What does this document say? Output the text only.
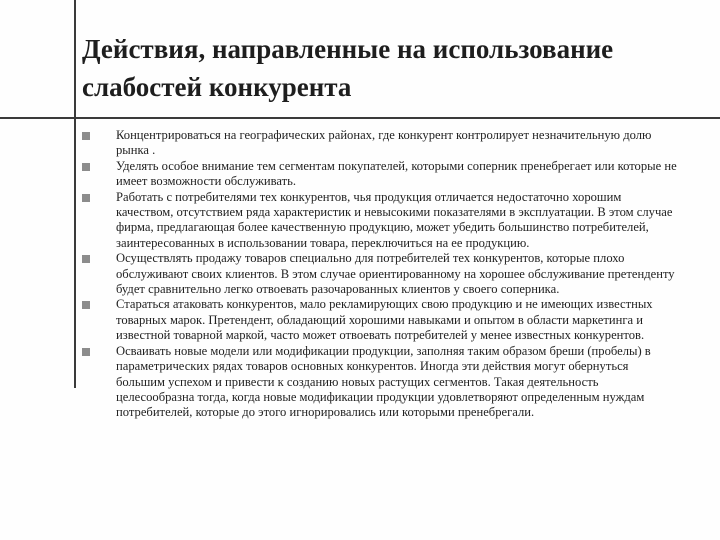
Действия, направленные на использование слабостей конкурента
Концентрироваться на географических районах, где конкурент контролирует незначительную долю рынка .
Уделять особое внимание тем сегментам покупателей, которыми соперник пренебрегает или которые не имеет возможности обслуживать.
Работать с потребителями тех конкурентов, чья продукция отличается недостаточно хорошим качеством, отсутствием ряда характеристик и невысокими показателями в эксплуатации. В этом случае фирма, предлагающая более качественную продукцию, может убедить большинство потребителей, заинтересованных в использовании товара, переключиться на ее продукцию.
Осуществлять продажу товаров специально для потребителей тех конкурентов, которые плохо обслуживают своих клиентов. В этом случае ориентированному на хорошее обслуживание претенденту будет сравнительно легко отвоевать разочарованных клиентов у своего соперника.
Стараться атаковать конкурентов, мало рекламирующих свою продукцию и не имеющих известных товарных марок. Претендент, обладающий хорошими навыками и опытом в области маркетинга и известной товарной маркой, часто может отвоевать потребителей у менее известных конкурентов.
Осваивать новые модели или модификации продукции, заполняя таким образом бреши (пробелы) в параметрических рядах товаров основных конкурентов. Иногда эти действия могут обернуться большим успехом и привести к созданию новых растущих сегментов. Такая деятельность целесообразна тогда, когда новые модификации продукции удовлетворяют определенным нуждам потребителей, которые до этого игнорировались или которыми пренебрегали.
